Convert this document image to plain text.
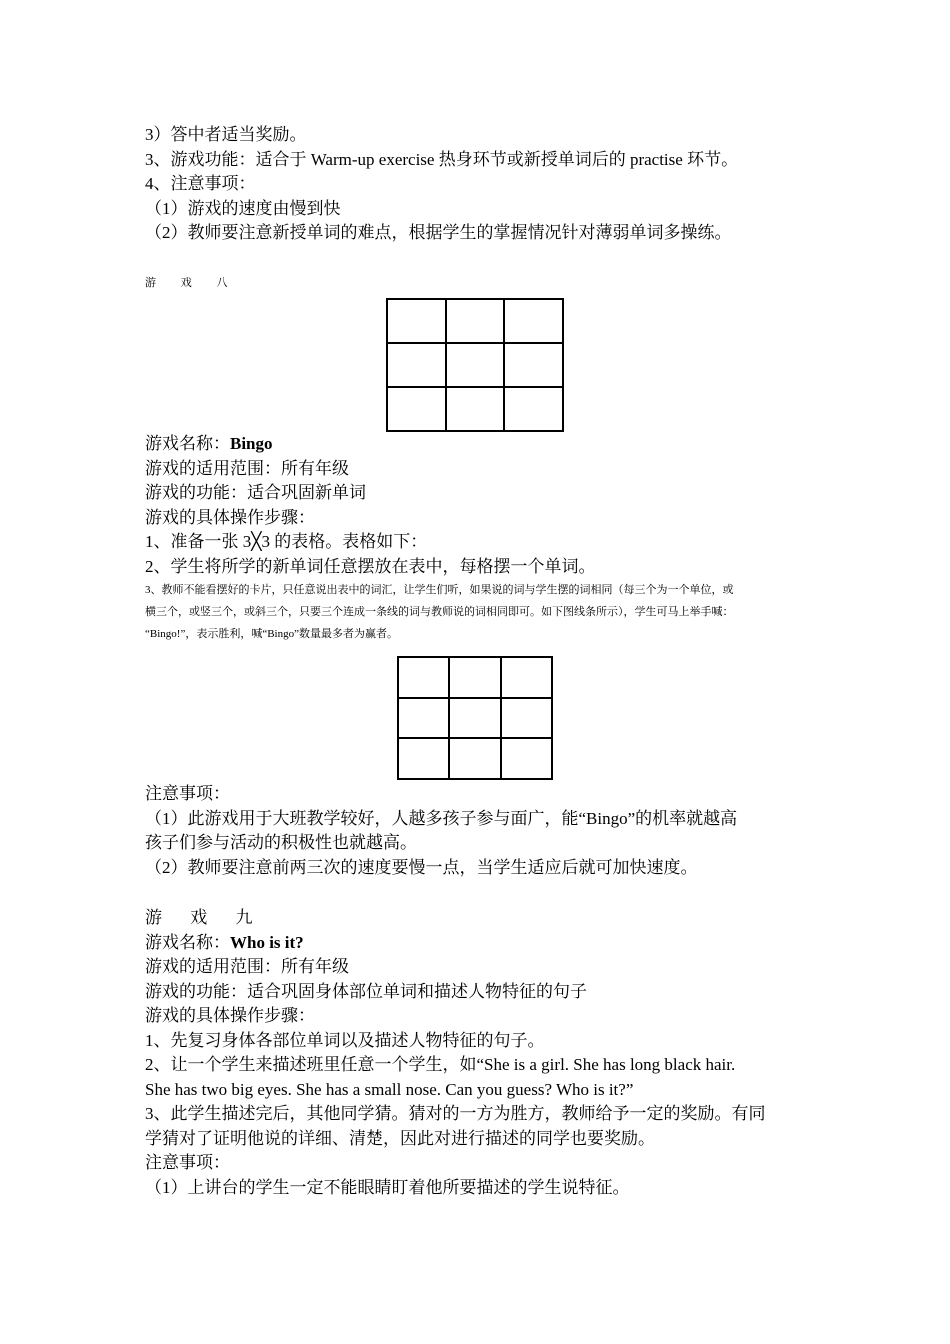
3）答中者适当奖励。
3、游戏功能：适合于 Warm-up exercise 热身环节或新授单词后的 practise 环节。
4、注意事项：
（1）游戏的速度由慢到快
（2）教师要注意新授单词的难点，根据学生的掌握情况针对薄弱单词多操练。
游 戏 八
游戏名称：Bingo
游戏的适用范围：所有年级
游戏的功能：适合巩固新单词
游戏的具体操作步骤：
1、准备一张 3╳3 的表格。表格如下：
2、学生将所学的新单词任意摆放在表中，每格摆一个单词。
3、教师不能看摆好的卡片，只任意说出表中的词汇，让学生们听，如果说的词与学生摆的词相同（每三个为一个单位，或
横三个，或竖三个，或斜三个，只要三个连成一条线的词与教师说的词相同即可。如下图线条所示），学生可马上举手喊：
“Bingo!”，表示胜利，喊“Bingo”数量最多者为赢者。
注意事项：
（1）此游戏用于大班教学较好，人越多孩子参与面广，能“Bingo”的机率就越高
孩子们参与活动的积极性也就越高。
（2）教师要注意前两三次的速度要慢一点，当学生适应后就可加快速度。
游 戏 九
游戏名称：Who is it?
游戏的适用范围：所有年级
游戏的功能：适合巩固身体部位单词和描述人物特征的句子
游戏的具体操作步骤：
1、先复习身体各部位单词以及描述人物特征的句子。
2、让一个学生来描述班里任意一个学生，如“She is a girl. She has long black hair.
She has two big eyes. She has a small nose. Can you guess? Who is it?”
3、此学生描述完后，其他同学猜。猜对的一方为胜方，教师给予一定的奖励。有同
学猜对了证明他说的详细、清楚，因此对进行描述的同学也要奖励。
注意事项：
（1）上讲台的学生一定不能眼睛盯着他所要描述的学生说特征。
